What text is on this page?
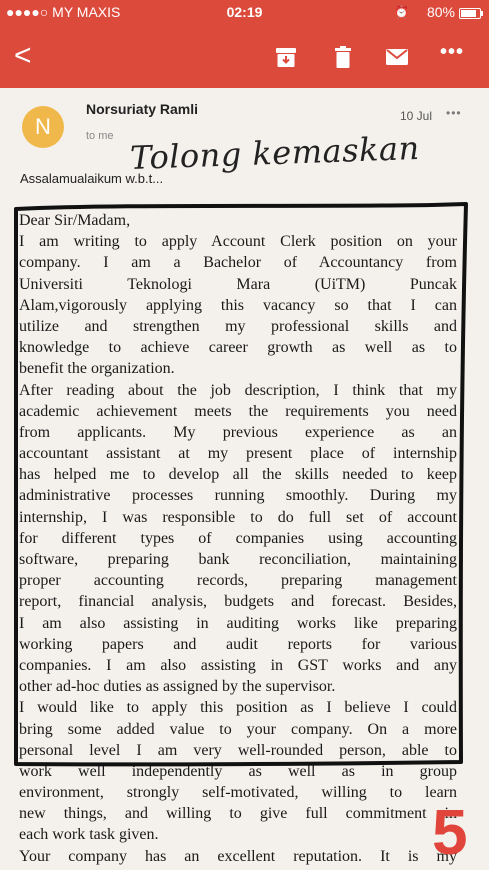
●●●●○ MY MAXIS	⏰
02:19	80%
<	•••
N
Norsuriaty Ramli
to me
10 Jul •••
Tolong kemaskan
Assalamualaikum w.b.t...
Dear Sir/Madam,
I am writing to apply Account Clerk position on your
company. I am a Bachelor of Accountancy from
Universiti Teknologi Mara (UiTM) Puncak
Alam,vigorously applying this vacancy so that I can
utilize and strengthen my professional skills and
knowledge to achieve career growth as well as to
benefit the organization.
After reading about the job description, I think that my
academic achievement meets the requirements you need
from applicants. My previous experience as an
accountant assistant at my present place of internship
has helped me to develop all the skills needed to keep
administrative processes running smoothly. During my
internship, I was responsible to do full set of account
for different types of companies using accounting
software, preparing bank reconciliation, maintaining
proper accounting records, preparing management
report, financial analysis, budgets and forecast. Besides,
I am also assisting in auditing works like preparing
working papers and audit reports for various
companies. I am also assisting in GST works and any
other ad-hoc duties as assigned by the supervisor.
I would like to apply this position as I believe I could
bring some added value to your company. On a more
personal level I am very well-rounded person, able to
work well independently as well as in group
environment, strongly self-motivated, willing to learn
new things, and willing to give full commitment in
each work task given.
Your company has an excellent reputation. It is my
5
